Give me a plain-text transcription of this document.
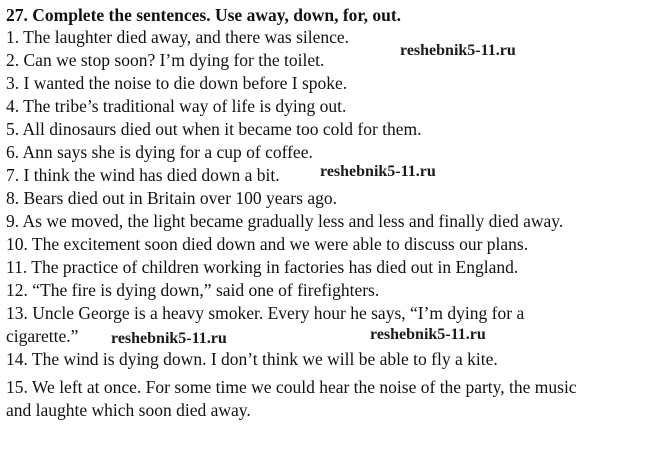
27. Complete the sentences. Use away, down, for, out.
1. The laughter died away, and there was silence.
2. Can we stop soon? I’m dying for the toilet.
3. I wanted the noise to die down before I spoke.
4. The tribe’s traditional way of life is dying out.
5. All dinosaurs died out when it became too cold for them.
6. Ann says she is dying for a cup of coffee.
7. I think the wind has died down a bit.
8. Bears died out in Britain over 100 years ago.
9. As we moved, the light became gradually less and less and finally died away.
10. The excitement soon died down and we were able to discuss our plans.
11. The practice of children working in factories has died out in England.
12. “The fire is dying down,” said one of firefighters.
13. Uncle George is a heavy smoker. Every hour he says, “I’m dying for a
cigarette.”
14. The wind is dying down. I don’t think we will be able to fly a kite.
15. We left at once. For some time we could hear the noise of the party, the music
and laughte which soon died away.
reshebnik5-11.ru
reshebnik5-11.ru
reshebnik5-11.ru	reshebnik5-11.ru
